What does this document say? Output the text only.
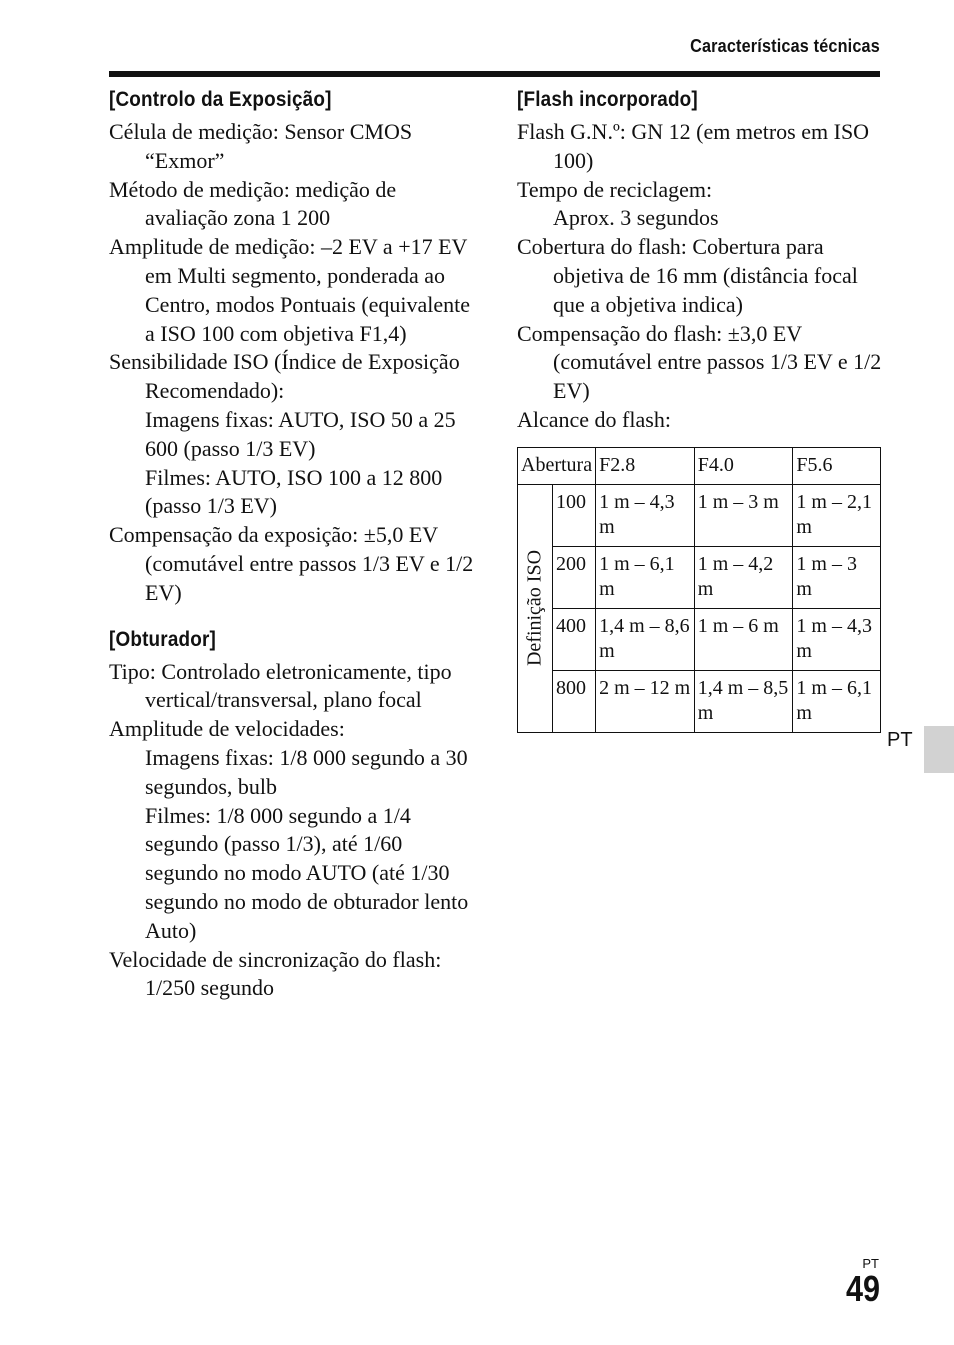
Características técnicas
[Controlo da Exposição]

Célula de medição: Sensor CMOS “Exmor”

Método de medição: medição de avaliação zona 1 200

Amplitude de medição: –2 EV a +17 EV em Multi segmento, ponderada ao Centro, modos Pontuais (equivalente a ISO 100 com objetiva F1,4)

Sensibilidade ISO (Índice de Exposição Recomendado):

Imagens fixas: AUTO, ISO 50 a 25 600 (passo 1/3 EV)

Filmes: AUTO, ISO 100 a 12 800 (passo 1/3 EV)

Compensação da exposição: ±5,0 EV (comutável entre passos 1/3 EV e 1/2 EV)

[Obturador]

Tipo: Controlado eletronicamente, tipo vertical/transversal, plano focal

Amplitude de velocidades:

Imagens fixas: 1/8 000 segundo a 30 segundos, bulb

Filmes: 1/8 000 segundo a 1/4 segundo (passo 1/3), até 1/60 segundo no modo AUTO (até 1/30 segundo no modo de obturador lento Auto)

Velocidade de sincronização do flash:

1/250 segundo

[Flash incorporado]

Flash G.N.º: GN 12 (em metros em ISO 100)

Tempo de reciclagem:

Aprox. 3 segundos

Cobertura do flash: Cobertura para objetiva de 16 mm (distância focal que a objetiva indica)

Compensação do flash: ±3,0 EV (comutável entre passos 1/3 EV e 1/2 EV)

Alcance do flash:

Abertura		F2.8	F4.0	F5.6

Definição ISO	100	1 m – 4,3 m	1 m – 3 m	1 m – 2,1 m
	200	1 m – 6,1 m	1 m – 4,2 m	1 m – 3 m
	400	1,4 m – 8,6 m	1 m – 6 m	1 m – 4,3 m
	800	2 m – 12 m	1,4 m – 8,5 m	1 m – 6,1 m
PT
PT
49
